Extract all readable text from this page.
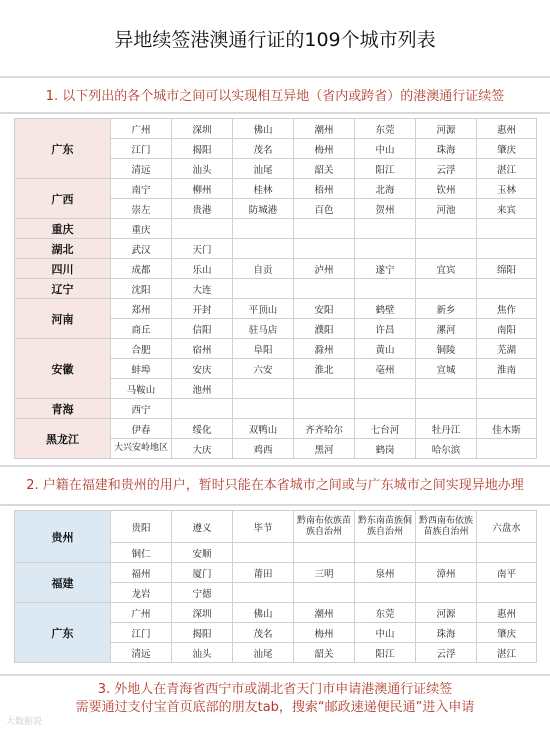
异地续签港澳通行证的109个城市列表
1. 以下列出的各个城市之间可以实现相互异地（省内或跨省）的港澳通行证续签
广东	广州	深圳	佛山	潮州	东莞	河源	惠州
	江门	揭阳	茂名	梅州	中山	珠海	肇庆
	清远	汕头	汕尾	韶关	阳江	云浮	湛江
广西	南宁	柳州	桂林	梧州	北海	钦州	玉林
	崇左	贵港	防城港	百色	贺州	河池	来宾
重庆	重庆						
湖北	武汉	天门					
四川	成都	乐山	自贡	泸州	遂宁	宜宾	绵阳
辽宁	沈阳	大连					
河南	郑州	开封	平顶山	安阳	鹤壁	新乡	焦作
	商丘	信阳	驻马店	濮阳	许昌	漯河	南阳
安徽	合肥	宿州	阜阳	滁州	黄山	铜陵	芜湖
	蚌埠	安庆	六安	淮北	亳州	宣城	淮南
	马鞍山	池州					
青海	西宁						
黑龙江	伊春	绥化	双鸭山	齐齐哈尔	七台河	牡丹江	佳木斯
	大兴安岭地区	大庆	鸡西	黑河	鹤岗	哈尔滨	
2. 户籍在福建和贵州的用户，暂时只能在本省城市之间或与广东城市之间实现异地办理
贵州	贵阳	遵义	毕节	黔南布依族苗族自治州	黔东南苗族侗族自治州	黔西南布依族苗族自治州	六盘水
	铜仁	安顺					
福建	福州	厦门	莆田	三明	泉州	漳州	南平
	龙岩	宁德					
广东	广州	深圳	佛山	潮州	东莞	河源	惠州
	江门	揭阳	茂名	梅州	中山	珠海	肇庆
	清远	汕头	汕尾	韶关	阳江	云浮	湛江
3. 外地人在青海省西宁市或湖北省天门市申请港澳通行证续签
需要通过支付宝首页底部的朋友tab，搜索“邮政速递便民通”进入申请
大数据说
